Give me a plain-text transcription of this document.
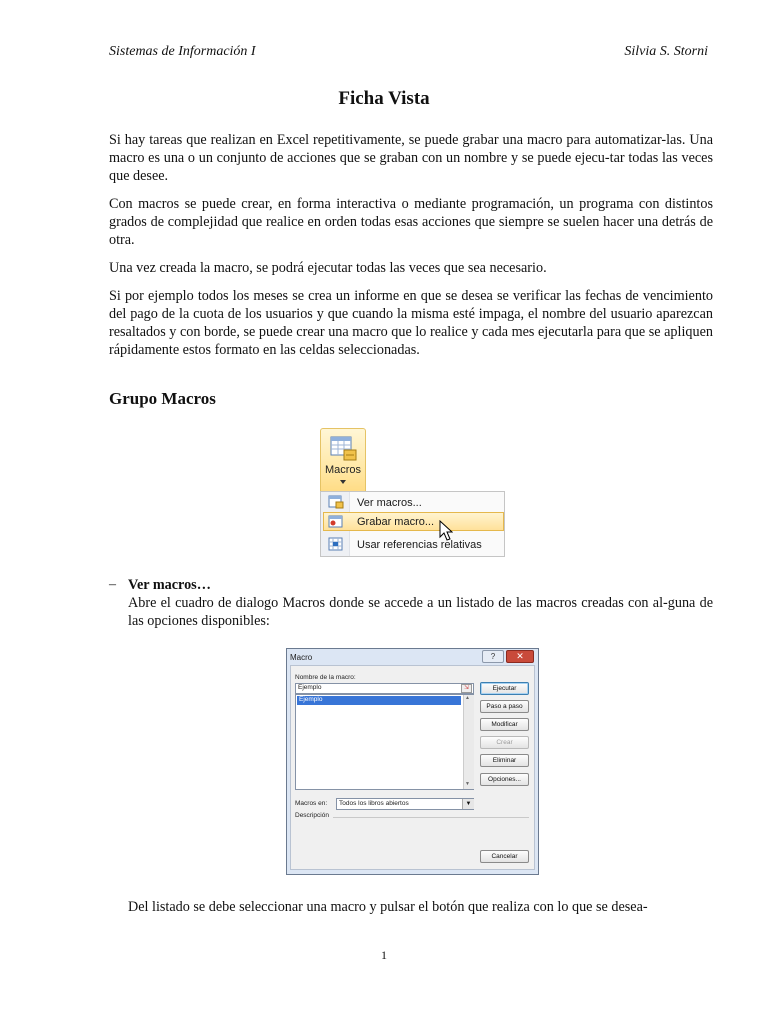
Sistemas de Información I	Silvia S. Storni
Ficha Vista
Si hay tareas que realizan en Excel repetitivamente, se puede grabar una macro para automatizar-las. Una macro es una o un conjunto de acciones que se graban con un nombre y se puede ejecu-tar todas las veces que desee.
Con macros se puede crear, en forma interactiva o mediante programación, un programa con distintos grados de complejidad que realice en orden todas esas acciones que siempre se suelen hacer una detrás de otra.
Una vez creada la macro, se podrá ejecutar todas las veces que sea necesario.
Si por ejemplo todos los meses se crea un informe en que se desea se verificar las fechas de vencimiento del pago de la cuota de los usuarios y que cuando la misma esté impaga, el nombre del usuario aparezcan resaltados y con borde, se puede crear una macro que lo realice y cada mes ejecutarla para que se apliquen rápidamente estos formato en las celdas seleccionadas.
Grupo Macros
Macros
Ver macros...
Grabar macro...
Usar referencias relativas
– Ver macros…
Abre el cuadro de dialogo Macros donde se accede a un listado de las macros creadas con al-guna de las opciones disponibles:
Macro	?	✕
Nombre de la macro:
Ejemplo	⇲
Ejemplo	▲
▼
Ejecutar
Paso a paso
Modificar
Crear
Eliminar
Opciones...
Macros en: Todos los libros abiertos	▼
Descripción
Cancelar
Del listado se debe seleccionar una macro y pulsar el botón que realiza con lo que se desea-
1
